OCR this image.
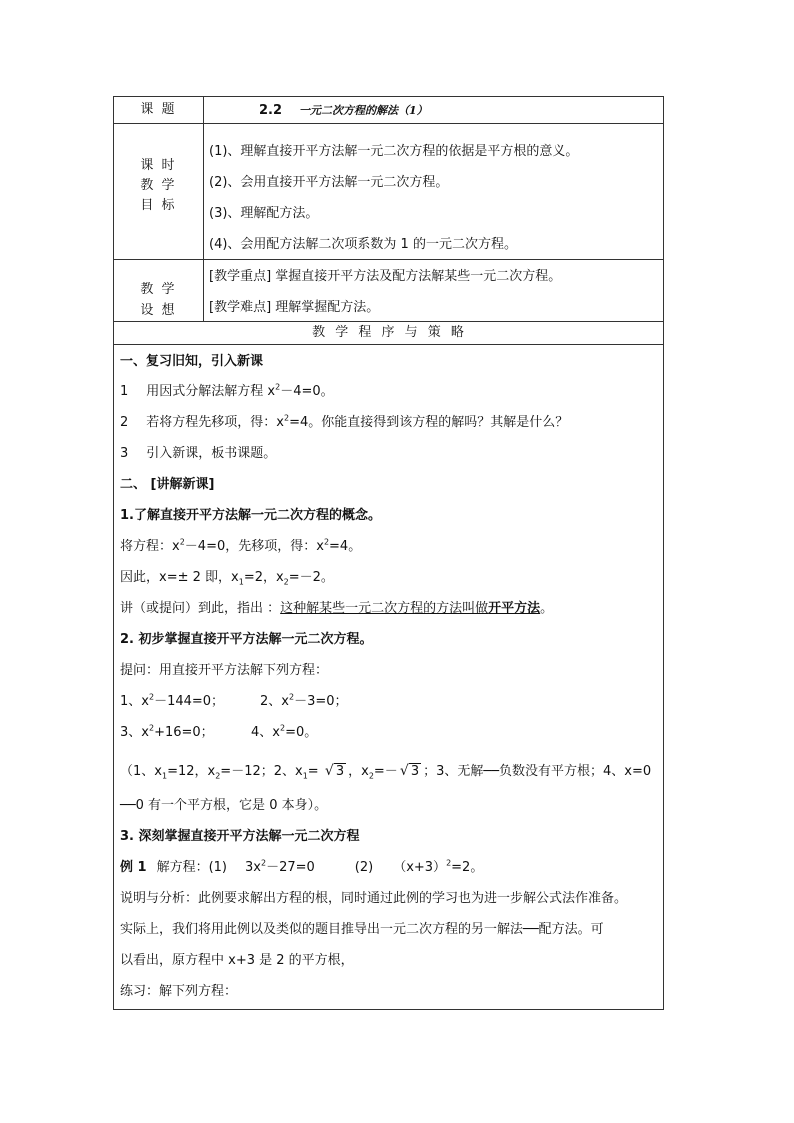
课 题	2.2 一元二次方程的解法（1）
课 时
教 学
目 标
(1)、理解直接开平方法解一元二次方程的依据是平方根的意义。
(2)、会用直接开平方法解一元二次方程。
(3)、理解配方法。
(4)、会用配方法解二次项系数为 1 的一元二次方程。
教 学
设 想
[教学重点] 掌握直接开平方法及配方法解某些一元二次方程。
[教学难点] 理解掌握配方法。
教 学 程 序 与 策 略
一、复习旧知，引入新课
1 用因式分解法解方程 $x^2-4=0$。
2 若将方程先移项，得：$x^2=4$。你能直接得到该方程的解吗？其解是什么？
3 引入新课，板书课题。
二、 [讲解新课]
1.了解直接开平方法解一元二次方程的概念。
将方程：$x^2-4=0$，先移项，得：$x^2=4$。
因此，x=± 2 即，$x_1=2$，$x_2=-2$。
讲（或提问）到此，指出 ：这种解某些一元二次方程的方法叫做开平方法。
2. 初步掌握直接开平方法解一元二次方程。
提问：用直接开平方法解下列方程：
1、$x^2-144=0$；	2、$x^2-3=0$；
3、$x^2+16=0$；	4、$x^2=0$。
（1、$x_1=12$，$x_2=-12$；2、$x_1=$ √ 3 ，$x_2=-√$ 3 ；3、无解──负数没有平方根；4、x=0
──0 有一个平方根，它是 0 本身）。
3. 深刻掌握直接开平方法解一元二次方程
例 1 解方程：(1) $3x^2-27=0$	(2) $(x+3)^2=2$。
说明与分析：此例要求解出方程的根，同时通过此例的学习也为进一步解公式法作准备。
实际上，我们将用此例以及类似的题目推导出一元二次方程的另一解法──配方法。可
以看出，原方程中 x+3 是 2 的平方根，
练习：解下列方程：
